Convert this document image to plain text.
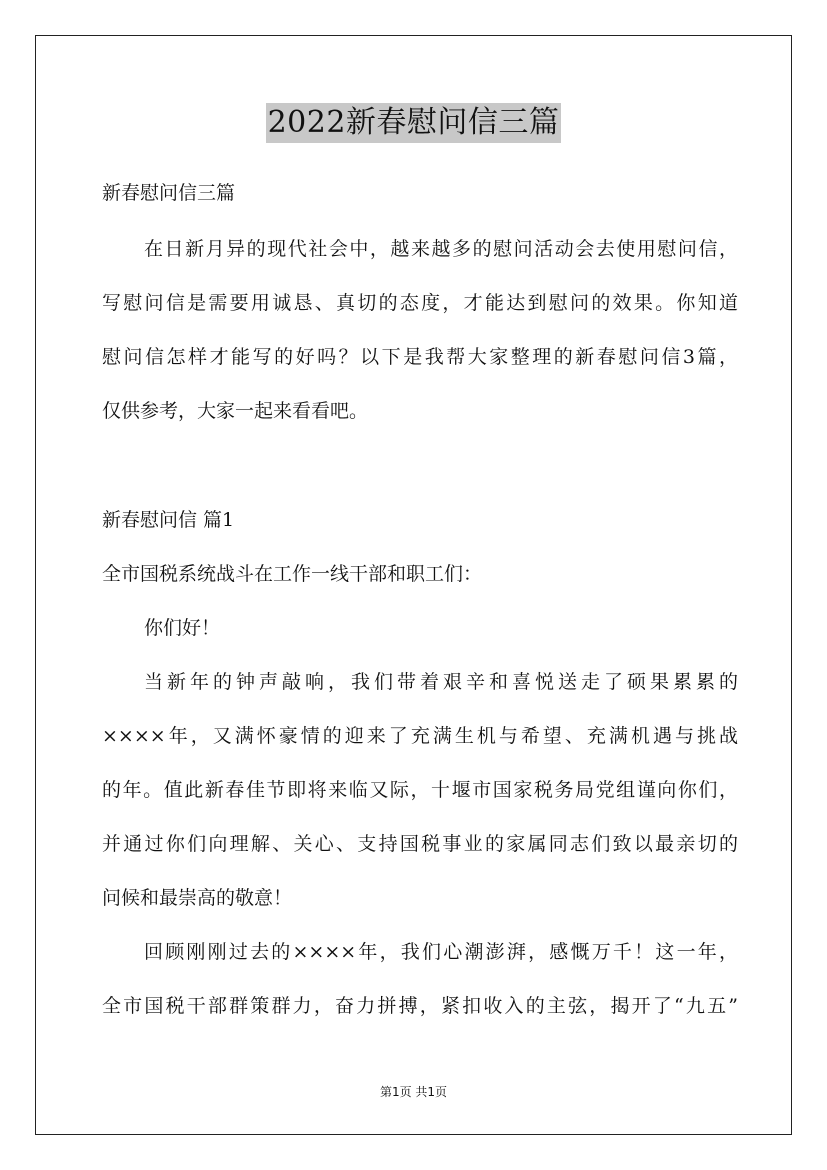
2022新春慰问信三篇
新春慰问信三篇
在日新月异的现代社会中，越来越多的慰问活动会去使用慰问信，
写慰问信是需要用诚恳、真切的态度，才能达到慰问的效果。你知道
慰问信怎样才能写的好吗？以下是我帮大家整理的新春慰问信3篇，
仅供参考，大家一起来看看吧。
新春慰问信 篇1
全市国税系统战斗在工作一线干部和职工们：
你们好！
当新年的钟声敲响，我们带着艰辛和喜悦送走了硕果累累的
××××年，又满怀豪情的迎来了充满生机与希望、充满机遇与挑战
的年。值此新春佳节即将来临又际，十堰市国家税务局党组谨向你们，
并通过你们向理解、关心、支持国税事业的家属同志们致以最亲切的
问候和最崇高的敬意！
回顾刚刚过去的××××年，我们心潮澎湃，感慨万千！这一年，
全市国税干部群策群力，奋力拼搏，紧扣收入的主弦，揭开了“九五”
第1页 共1页
